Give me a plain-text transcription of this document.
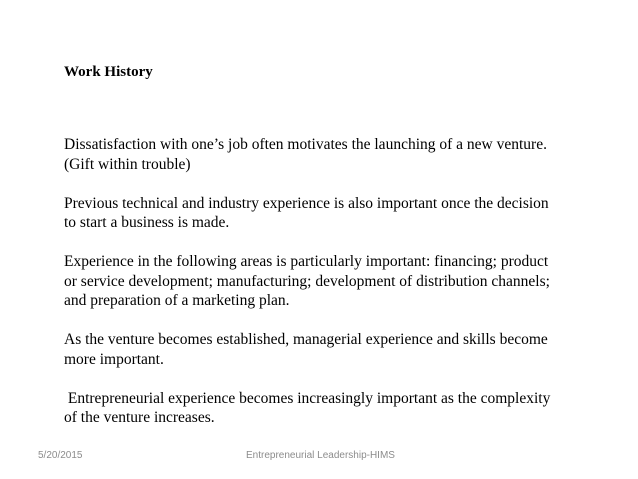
Work History

Dissatisfaction with one’s job often motivates the launching of a new venture.
(Gift within trouble)

Previous technical and industry experience is also important once the decision
to start a business is made.

Experience in the following areas is particularly important: financing; product
or service development; manufacturing; development of distribution channels;
and preparation of a marketing plan.

As the venture becomes established, managerial experience and skills become
more important.

Entrepreneurial experience becomes increasingly important as the complexity
of the venture increases.

5/20/2015	Entrepreneurial Leadership-HIMS
